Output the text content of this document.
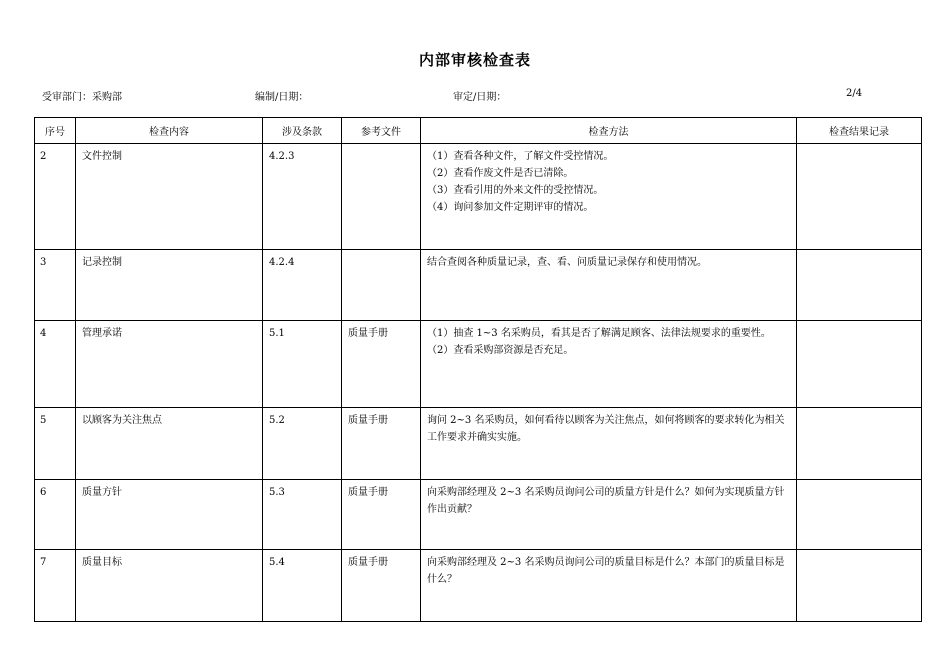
内部审核检查表
受审部门：采购部	编制/日期：	审定/日期：	2/4
序号	检查内容	涉及条款	参考文件	检查方法	检查结果记录
2	文件控制	4.2.3		（1）查看各种文件，了解文件受控情况。
（2）查看作废文件是否已清除。
（3）查看引用的外来文件的受控情况。
（4）询问参加文件定期评审的情况。	

3	记录控制	4.2.4		结合查阅各种质量记录，查、看、问质量记录保存和使用情况。	

4	管理承诺	5.1	质量手册	（1）抽查 1~3 名采购员，看其是否了解满足顾客、法律法规要求的重要性。
（2）查看采购部资源是否充足。	

5	以顾客为关注焦点	5.2	质量手册	询问 2~3 名采购员，如何看待以顾客为关注焦点，如何将顾客的要求转化为相关工作要求并确实实施。	

6	质量方针	5.3	质量手册	向采购部经理及 2~3 名采购员询问公司的质量方针是什么？如何为实现质量方针作出贡献？	

7	质量目标	5.4	质量手册	向采购部经理及 2~3 名采购员询问公司的质量目标是什么？本部门的质量目标是什么？	
